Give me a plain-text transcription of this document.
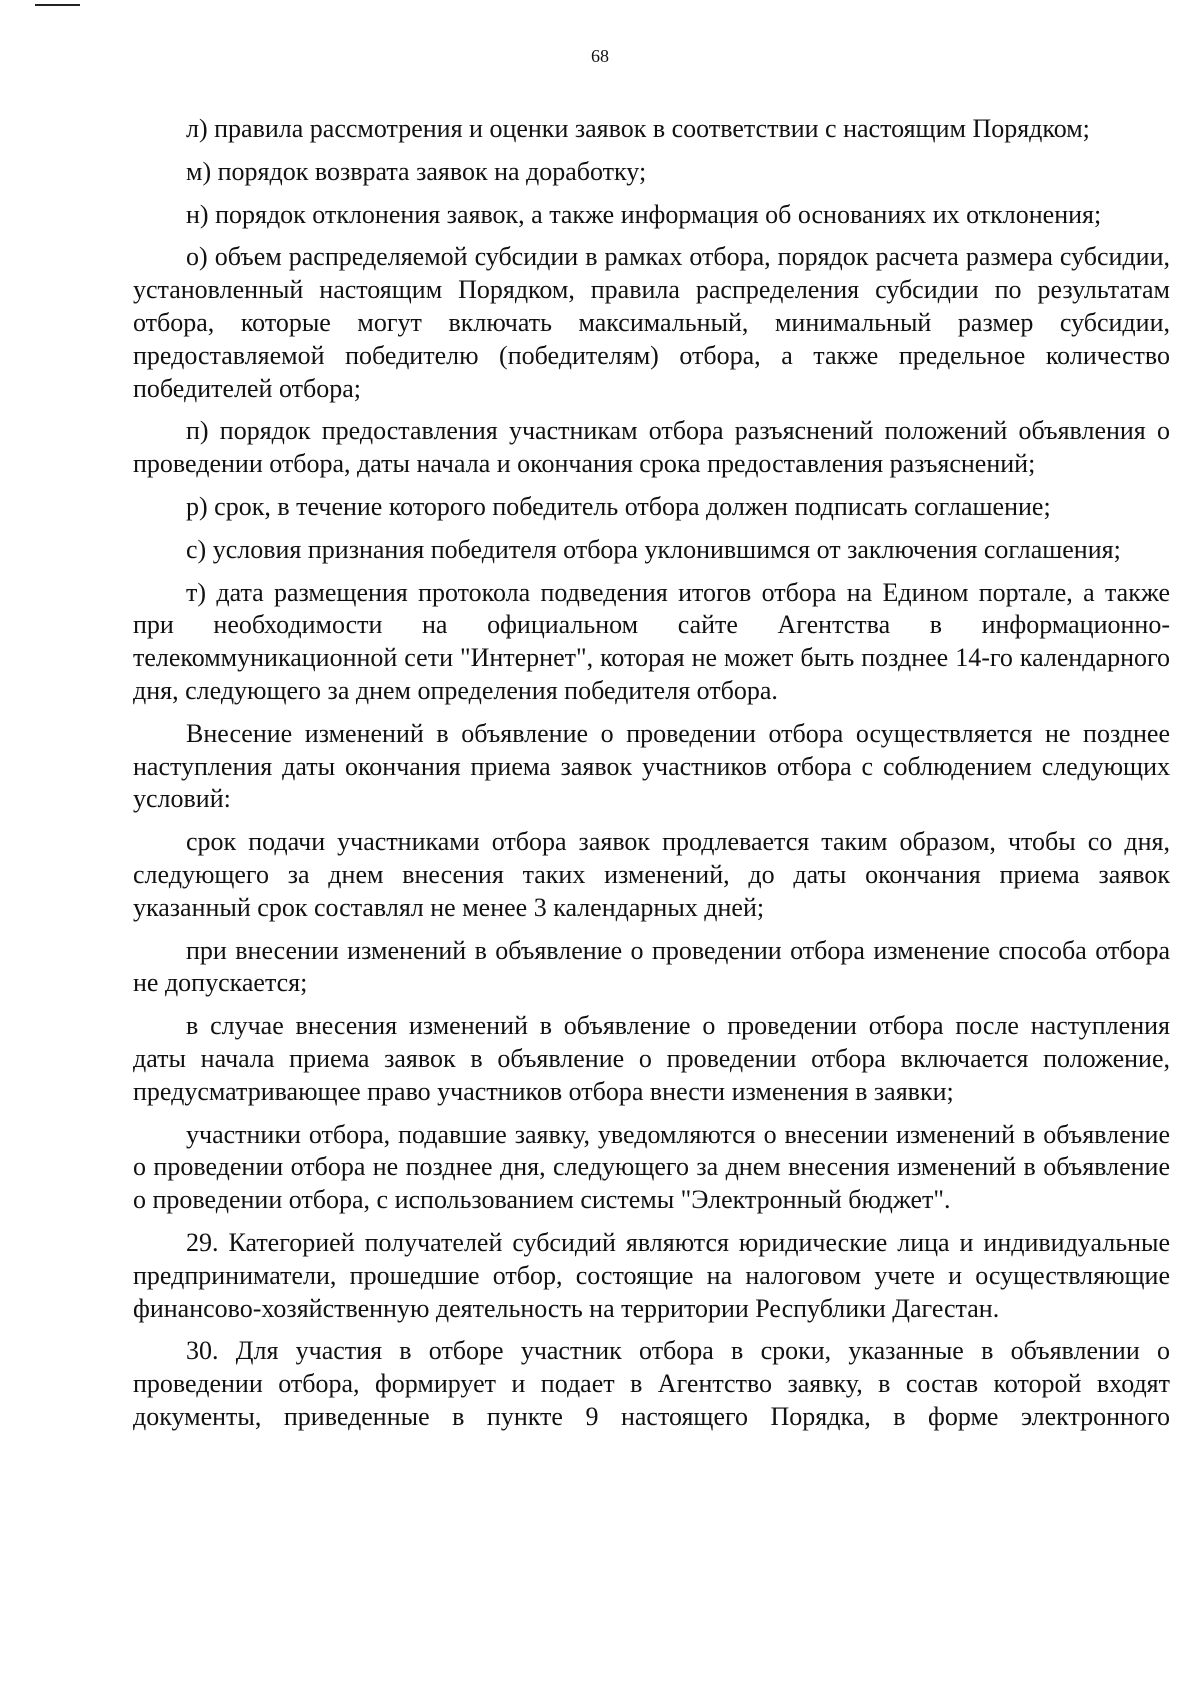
68

л) правила рассмотрения и оценки заявок в соответствии с настоящим Порядком;

м) порядок возврата заявок на доработку;

н) порядок отклонения заявок, а также информация об основаниях их отклонения;

о) объем распределяемой субсидии в рамках отбора, порядок расчета размера субсидии, установленный настоящим Порядком, правила распределения субсидии по результатам отбора, которые могут включать максимальный, минимальный размер субсидии, предоставляемой победителю (победителям) отбора, а также предельное количество победителей отбора;

п) порядок предоставления участникам отбора разъяснений положений объявления о проведении отбора, даты начала и окончания срока предоставления разъяснений;

р) срок, в течение которого победитель отбора должен подписать соглашение;

с) условия признания победителя отбора уклонившимся от заключения соглашения;

т) дата размещения протокола подведения итогов отбора на Едином портале, а также при необходимости на официальном сайте Агентства в информационно-телекоммуникационной сети "Интернет", которая не может быть позднее 14-го календарного дня, следующего за днем определения победителя отбора.

Внесение изменений в объявление о проведении отбора осуществляется не позднее наступления даты окончания приема заявок участников отбора с соблюдением следующих условий:

срок подачи участниками отбора заявок продлевается таким образом, чтобы со дня, следующего за днем внесения таких изменений, до даты окончания приема заявок указанный срок составлял не менее 3 календарных дней;

при внесении изменений в объявление о проведении отбора изменение способа отбора не допускается;

в случае внесения изменений в объявление о проведении отбора после наступления даты начала приема заявок в объявление о проведении отбора включается положение, предусматривающее право участников отбора внести изменения в заявки;

участники отбора, подавшие заявку, уведомляются о внесении изменений в объявление о проведении отбора не позднее дня, следующего за днем внесения изменений в объявление о проведении отбора, с использованием системы "Электронный бюджет".

29. Категорией получателей субсидий являются юридические лица и индивидуальные предприниматели, прошедшие отбор, состоящие на налоговом учете и осуществляющие финансово-хозяйственную деятельность на территории Республики Дагестан.

30. Для участия в отборе участник отбора в сроки, указанные в объявлении о проведении отбора, формирует и подает в Агентство заявку, в состав которой входят документы, приведенные в пункте 9 настоящего Порядка, в форме электронного
